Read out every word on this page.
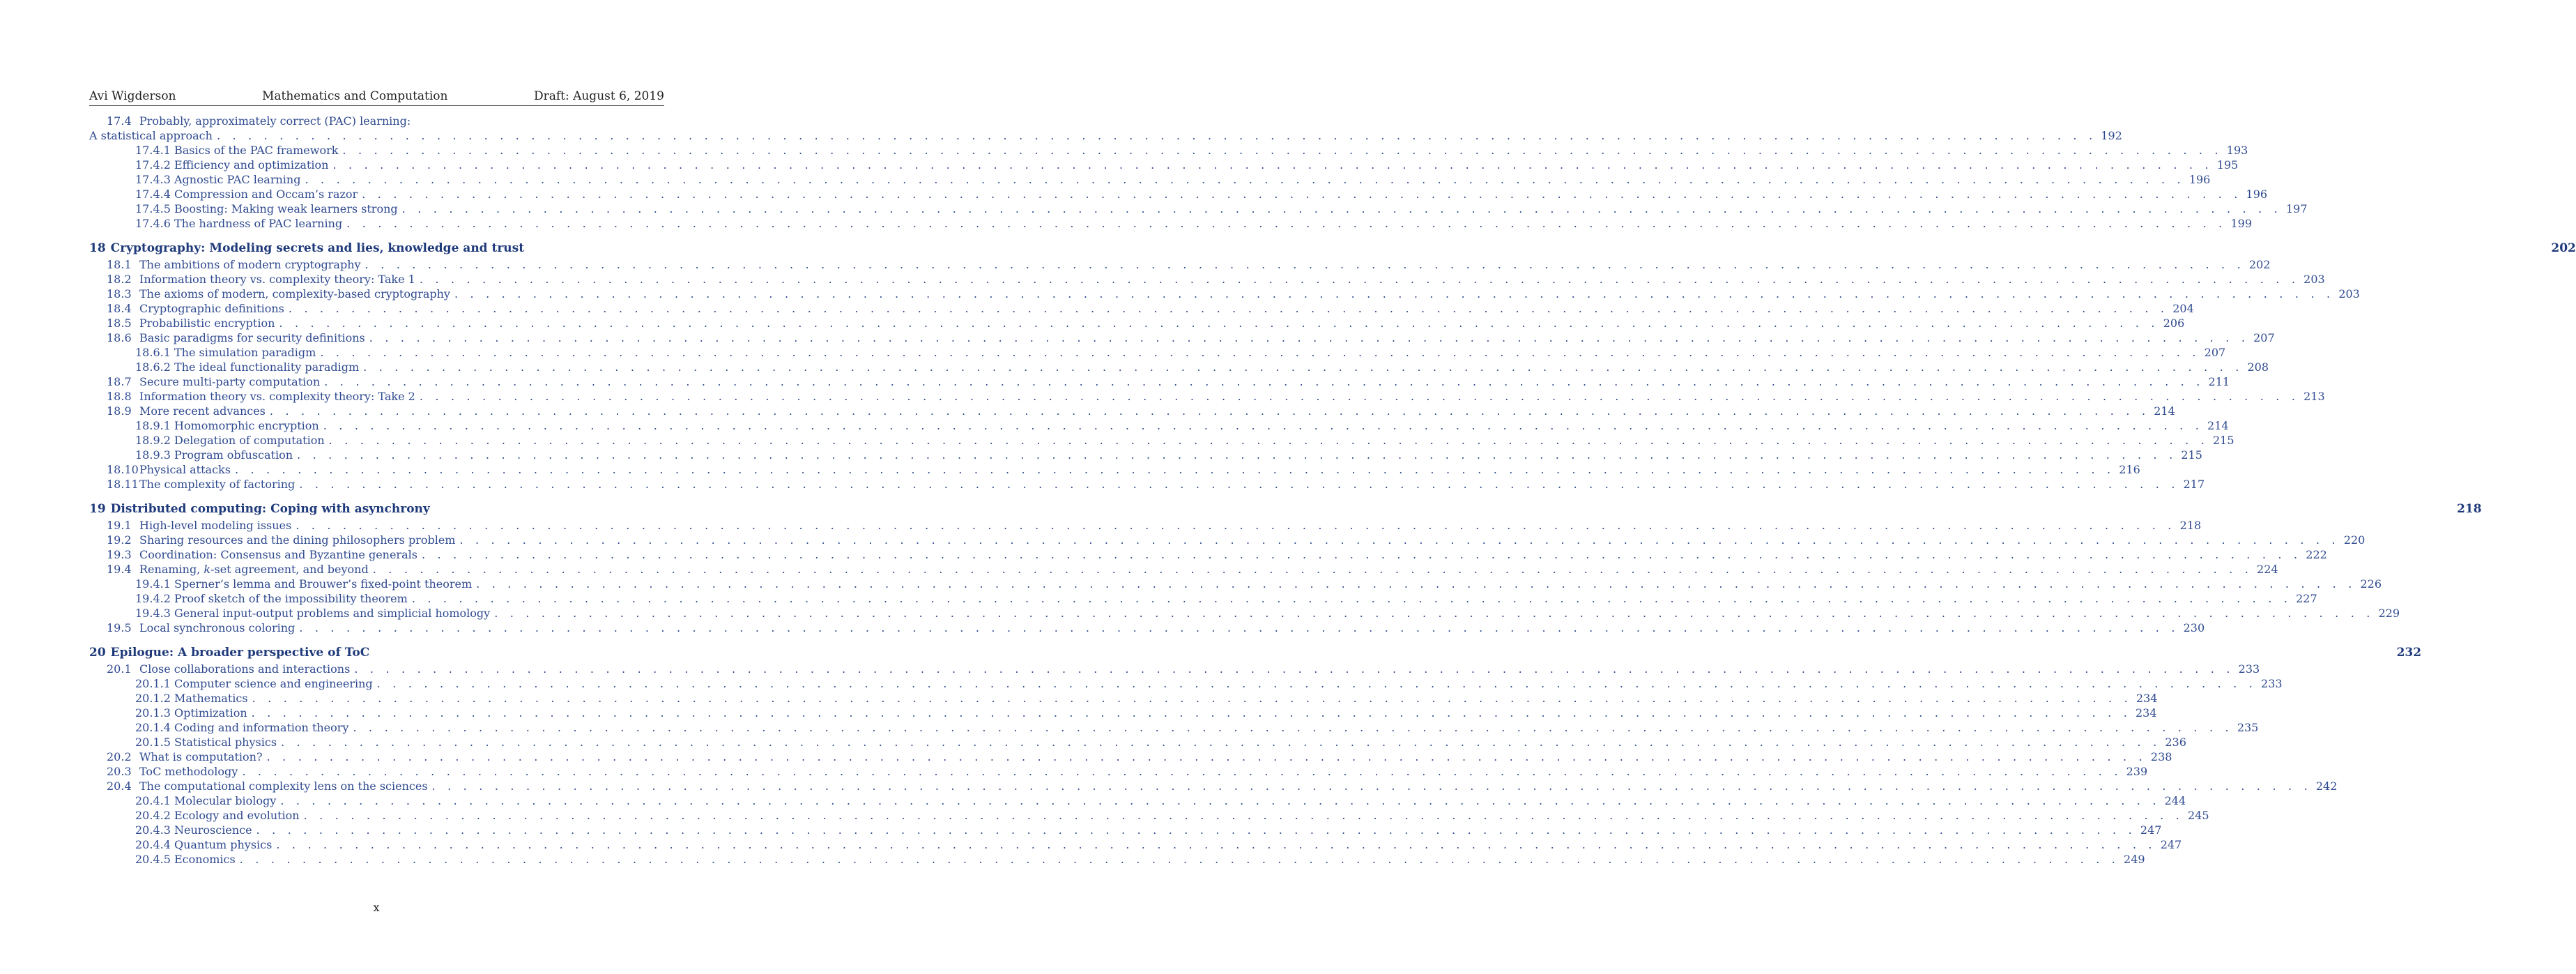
Avi Wigderson	Mathematics and Computation	Draft: August 6, 2019
17.4 Probably, approximately correct (PAC) learning:
A statistical approach . . . . . . . . . . . . . . . . . . . . . . . . . . . . . . . . . . . . . . . . . . . . . . . . . . . . . . . . . . . . . . . . . . . . . . . . . . . . . . . . . . . . . . . . . . . . . . . . . . . . . . . . . . . . . . . . . . . . . . . . 192
17.4.1 Basics of the PAC framework . . . . . . . . . . . . . . . . . . . . . . . . . . . . . . . . . . . . . . . . . . . . . . . . . . . . . . . . . . . . . . . . . . . . . . . . . . . . . . . . . . . . . . . . . . . . . . . . . . . . . . . . . . . . . . . . . . . . . . . . 193
17.4.2 Efficiency and optimization . . . . . . . . . . . . . . . . . . . . . . . . . . . . . . . . . . . . . . . . . . . . . . . . . . . . . . . . . . . . . . . . . . . . . . . . . . . . . . . . . . . . . . . . . . . . . . . . . . . . . . . . . . . . . . . . . . . . . . . . 195
17.4.3 Agnostic PAC learning . . . . . . . . . . . . . . . . . . . . . . . . . . . . . . . . . . . . . . . . . . . . . . . . . . . . . . . . . . . . . . . . . . . . . . . . . . . . . . . . . . . . . . . . . . . . . . . . . . . . . . . . . . . . . . . . . . . . . . . . 196
17.4.4 Compression and Occam’s razor . . . . . . . . . . . . . . . . . . . . . . . . . . . . . . . . . . . . . . . . . . . . . . . . . . . . . . . . . . . . . . . . . . . . . . . . . . . . . . . . . . . . . . . . . . . . . . . . . . . . . . . . . . . . . . . . . . . . . . . . 196
17.4.5 Boosting: Making weak learners strong . . . . . . . . . . . . . . . . . . . . . . . . . . . . . . . . . . . . . . . . . . . . . . . . . . . . . . . . . . . . . . . . . . . . . . . . . . . . . . . . . . . . . . . . . . . . . . . . . . . . . . . . . . . . . . . . . . . . . . . . 197
17.4.6 The hardness of PAC learning . . . . . . . . . . . . . . . . . . . . . . . . . . . . . . . . . . . . . . . . . . . . . . . . . . . . . . . . . . . . . . . . . . . . . . . . . . . . . . . . . . . . . . . . . . . . . . . . . . . . . . . . . . . . . . . . . . . . . . . . 199
18 Cryptography: Modeling secrets and lies, knowledge and trust	202
18.1 The ambitions of modern cryptography . . . . . . . . . . . . . . . . . . . . . . . . . . . . . . . . . . . . . . . . . . . . . . . . . . . . . . . . . . . . . . . . . . . . . . . . . . . . . . . . . . . . . . . . . . . . . . . . . . . . . . . . . . . . . . . . . . . . . . . . 202
18.2 Information theory vs. complexity theory: Take 1 . . . . . . . . . . . . . . . . . . . . . . . . . . . . . . . . . . . . . . . . . . . . . . . . . . . . . . . . . . . . . . . . . . . . . . . . . . . . . . . . . . . . . . . . . . . . . . . . . . . . . . . . . . . . . . . . . . . . . . . . 203
18.3 The axioms of modern, complexity-based cryptography . . . . . . . . . . . . . . . . . . . . . . . . . . . . . . . . . . . . . . . . . . . . . . . . . . . . . . . . . . . . . . . . . . . . . . . . . . . . . . . . . . . . . . . . . . . . . . . . . . . . . . . . . . . . . . . . . . . . . . . . 203
18.4 Cryptographic definitions . . . . . . . . . . . . . . . . . . . . . . . . . . . . . . . . . . . . . . . . . . . . . . . . . . . . . . . . . . . . . . . . . . . . . . . . . . . . . . . . . . . . . . . . . . . . . . . . . . . . . . . . . . . . . . . . . . . . . . . . 204
18.5 Probabilistic encryption . . . . . . . . . . . . . . . . . . . . . . . . . . . . . . . . . . . . . . . . . . . . . . . . . . . . . . . . . . . . . . . . . . . . . . . . . . . . . . . . . . . . . . . . . . . . . . . . . . . . . . . . . . . . . . . . . . . . . . . . 206
18.6 Basic paradigms for security definitions . . . . . . . . . . . . . . . . . . . . . . . . . . . . . . . . . . . . . . . . . . . . . . . . . . . . . . . . . . . . . . . . . . . . . . . . . . . . . . . . . . . . . . . . . . . . . . . . . . . . . . . . . . . . . . . . . . . . . . . . 207
18.6.1 The simulation paradigm . . . . . . . . . . . . . . . . . . . . . . . . . . . . . . . . . . . . . . . . . . . . . . . . . . . . . . . . . . . . . . . . . . . . . . . . . . . . . . . . . . . . . . . . . . . . . . . . . . . . . . . . . . . . . . . . . . . . . . . . 207
18.6.2 The ideal functionality paradigm . . . . . . . . . . . . . . . . . . . . . . . . . . . . . . . . . . . . . . . . . . . . . . . . . . . . . . . . . . . . . . . . . . . . . . . . . . . . . . . . . . . . . . . . . . . . . . . . . . . . . . . . . . . . . . . . . . . . . . . . 208
18.7 Secure multi-party computation . . . . . . . . . . . . . . . . . . . . . . . . . . . . . . . . . . . . . . . . . . . . . . . . . . . . . . . . . . . . . . . . . . . . . . . . . . . . . . . . . . . . . . . . . . . . . . . . . . . . . . . . . . . . . . . . . . . . . . . . 211
18.8 Information theory vs. complexity theory: Take 2 . . . . . . . . . . . . . . . . . . . . . . . . . . . . . . . . . . . . . . . . . . . . . . . . . . . . . . . . . . . . . . . . . . . . . . . . . . . . . . . . . . . . . . . . . . . . . . . . . . . . . . . . . . . . . . . . . . . . . . . . 213
18.9 More recent advances . . . . . . . . . . . . . . . . . . . . . . . . . . . . . . . . . . . . . . . . . . . . . . . . . . . . . . . . . . . . . . . . . . . . . . . . . . . . . . . . . . . . . . . . . . . . . . . . . . . . . . . . . . . . . . . . . . . . . . . . 214
18.9.1 Homomorphic encryption . . . . . . . . . . . . . . . . . . . . . . . . . . . . . . . . . . . . . . . . . . . . . . . . . . . . . . . . . . . . . . . . . . . . . . . . . . . . . . . . . . . . . . . . . . . . . . . . . . . . . . . . . . . . . . . . . . . . . . . . 214
18.9.2 Delegation of computation . . . . . . . . . . . . . . . . . . . . . . . . . . . . . . . . . . . . . . . . . . . . . . . . . . . . . . . . . . . . . . . . . . . . . . . . . . . . . . . . . . . . . . . . . . . . . . . . . . . . . . . . . . . . . . . . . . . . . . . . 215
18.9.3 Program obfuscation . . . . . . . . . . . . . . . . . . . . . . . . . . . . . . . . . . . . . . . . . . . . . . . . . . . . . . . . . . . . . . . . . . . . . . . . . . . . . . . . . . . . . . . . . . . . . . . . . . . . . . . . . . . . . . . . . . . . . . . . 215
18.10 Physical attacks . . . . . . . . . . . . . . . . . . . . . . . . . . . . . . . . . . . . . . . . . . . . . . . . . . . . . . . . . . . . . . . . . . . . . . . . . . . . . . . . . . . . . . . . . . . . . . . . . . . . . . . . . . . . . . . . . . . . . . . . 216
18.11 The complexity of factoring . . . . . . . . . . . . . . . . . . . . . . . . . . . . . . . . . . . . . . . . . . . . . . . . . . . . . . . . . . . . . . . . . . . . . . . . . . . . . . . . . . . . . . . . . . . . . . . . . . . . . . . . . . . . . . . . . . . . . . . . 217
19 Distributed computing: Coping with asynchrony	218
19.1 High-level modeling issues . . . . . . . . . . . . . . . . . . . . . . . . . . . . . . . . . . . . . . . . . . . . . . . . . . . . . . . . . . . . . . . . . . . . . . . . . . . . . . . . . . . . . . . . . . . . . . . . . . . . . . . . . . . . . . . . . . . . . . . . 218
19.2 Sharing resources and the dining philosophers problem . . . . . . . . . . . . . . . . . . . . . . . . . . . . . . . . . . . . . . . . . . . . . . . . . . . . . . . . . . . . . . . . . . . . . . . . . . . . . . . . . . . . . . . . . . . . . . . . . . . . . . . . . . . . . . . . . . . . . . . . 220
19.3 Coordination: Consensus and Byzantine generals . . . . . . . . . . . . . . . . . . . . . . . . . . . . . . . . . . . . . . . . . . . . . . . . . . . . . . . . . . . . . . . . . . . . . . . . . . . . . . . . . . . . . . . . . . . . . . . . . . . . . . . . . . . . . . . . . . . . . . . . 222
19.4 Renaming, k-set agreement, and beyond . . . . . . . . . . . . . . . . . . . . . . . . . . . . . . . . . . . . . . . . . . . . . . . . . . . . . . . . . . . . . . . . . . . . . . . . . . . . . . . . . . . . . . . . . . . . . . . . . . . . . . . . . . . . . . . . . . . . . . . . 224
19.4.1 Sperner’s lemma and Brouwer’s fixed-point theorem . . . . . . . . . . . . . . . . . . . . . . . . . . . . . . . . . . . . . . . . . . . . . . . . . . . . . . . . . . . . . . . . . . . . . . . . . . . . . . . . . . . . . . . . . . . . . . . . . . . . . . . . . . . . . . . . . . . . . . . . 226
19.4.2 Proof sketch of the impossibility theorem . . . . . . . . . . . . . . . . . . . . . . . . . . . . . . . . . . . . . . . . . . . . . . . . . . . . . . . . . . . . . . . . . . . . . . . . . . . . . . . . . . . . . . . . . . . . . . . . . . . . . . . . . . . . . . . . . . . . . . . . 227
19.4.3 General input-output problems and simplicial homology . . . . . . . . . . . . . . . . . . . . . . . . . . . . . . . . . . . . . . . . . . . . . . . . . . . . . . . . . . . . . . . . . . . . . . . . . . . . . . . . . . . . . . . . . . . . . . . . . . . . . . . . . . . . . . . . . . . . . . . . 229
19.5 Local synchronous coloring . . . . . . . . . . . . . . . . . . . . . . . . . . . . . . . . . . . . . . . . . . . . . . . . . . . . . . . . . . . . . . . . . . . . . . . . . . . . . . . . . . . . . . . . . . . . . . . . . . . . . . . . . . . . . . . . . . . . . . . . 230
20 Epilogue: A broader perspective of ToC	232
20.1 Close collaborations and interactions . . . . . . . . . . . . . . . . . . . . . . . . . . . . . . . . . . . . . . . . . . . . . . . . . . . . . . . . . . . . . . . . . . . . . . . . . . . . . . . . . . . . . . . . . . . . . . . . . . . . . . . . . . . . . . . . . . . . . . . . 233
20.1.1 Computer science and engineering . . . . . . . . . . . . . . . . . . . . . . . . . . . . . . . . . . . . . . . . . . . . . . . . . . . . . . . . . . . . . . . . . . . . . . . . . . . . . . . . . . . . . . . . . . . . . . . . . . . . . . . . . . . . . . . . . . . . . . . . 233
20.1.2 Mathematics . . . . . . . . . . . . . . . . . . . . . . . . . . . . . . . . . . . . . . . . . . . . . . . . . . . . . . . . . . . . . . . . . . . . . . . . . . . . . . . . . . . . . . . . . . . . . . . . . . . . . . . . . . . . . . . . . . . . . . . . 234
20.1.3 Optimization . . . . . . . . . . . . . . . . . . . . . . . . . . . . . . . . . . . . . . . . . . . . . . . . . . . . . . . . . . . . . . . . . . . . . . . . . . . . . . . . . . . . . . . . . . . . . . . . . . . . . . . . . . . . . . . . . . . . . . . . 234
20.1.4 Coding and information theory . . . . . . . . . . . . . . . . . . . . . . . . . . . . . . . . . . . . . . . . . . . . . . . . . . . . . . . . . . . . . . . . . . . . . . . . . . . . . . . . . . . . . . . . . . . . . . . . . . . . . . . . . . . . . . . . . . . . . . . . 235
20.1.5 Statistical physics . . . . . . . . . . . . . . . . . . . . . . . . . . . . . . . . . . . . . . . . . . . . . . . . . . . . . . . . . . . . . . . . . . . . . . . . . . . . . . . . . . . . . . . . . . . . . . . . . . . . . . . . . . . . . . . . . . . . . . . . 236
20.2 What is computation? . . . . . . . . . . . . . . . . . . . . . . . . . . . . . . . . . . . . . . . . . . . . . . . . . . . . . . . . . . . . . . . . . . . . . . . . . . . . . . . . . . . . . . . . . . . . . . . . . . . . . . . . . . . . . . . . . . . . . . . . 238
20.3 ToC methodology . . . . . . . . . . . . . . . . . . . . . . . . . . . . . . . . . . . . . . . . . . . . . . . . . . . . . . . . . . . . . . . . . . . . . . . . . . . . . . . . . . . . . . . . . . . . . . . . . . . . . . . . . . . . . . . . . . . . . . . . 239
20.4 The computational complexity lens on the sciences . . . . . . . . . . . . . . . . . . . . . . . . . . . . . . . . . . . . . . . . . . . . . . . . . . . . . . . . . . . . . . . . . . . . . . . . . . . . . . . . . . . . . . . . . . . . . . . . . . . . . . . . . . . . . . . . . . . . . . . . 242
20.4.1 Molecular biology . . . . . . . . . . . . . . . . . . . . . . . . . . . . . . . . . . . . . . . . . . . . . . . . . . . . . . . . . . . . . . . . . . . . . . . . . . . . . . . . . . . . . . . . . . . . . . . . . . . . . . . . . . . . . . . . . . . . . . . . 244
20.4.2 Ecology and evolution . . . . . . . . . . . . . . . . . . . . . . . . . . . . . . . . . . . . . . . . . . . . . . . . . . . . . . . . . . . . . . . . . . . . . . . . . . . . . . . . . . . . . . . . . . . . . . . . . . . . . . . . . . . . . . . . . . . . . . . . 245
20.4.3 Neuroscience . . . . . . . . . . . . . . . . . . . . . . . . . . . . . . . . . . . . . . . . . . . . . . . . . . . . . . . . . . . . . . . . . . . . . . . . . . . . . . . . . . . . . . . . . . . . . . . . . . . . . . . . . . . . . . . . . . . . . . . . 247
20.4.4 Quantum physics . . . . . . . . . . . . . . . . . . . . . . . . . . . . . . . . . . . . . . . . . . . . . . . . . . . . . . . . . . . . . . . . . . . . . . . . . . . . . . . . . . . . . . . . . . . . . . . . . . . . . . . . . . . . . . . . . . . . . . . . 247
20.4.5 Economics . . . . . . . . . . . . . . . . . . . . . . . . . . . . . . . . . . . . . . . . . . . . . . . . . . . . . . . . . . . . . . . . . . . . . . . . . . . . . . . . . . . . . . . . . . . . . . . . . . . . . . . . . . . . . . . . . . . . . . . . 249
x
